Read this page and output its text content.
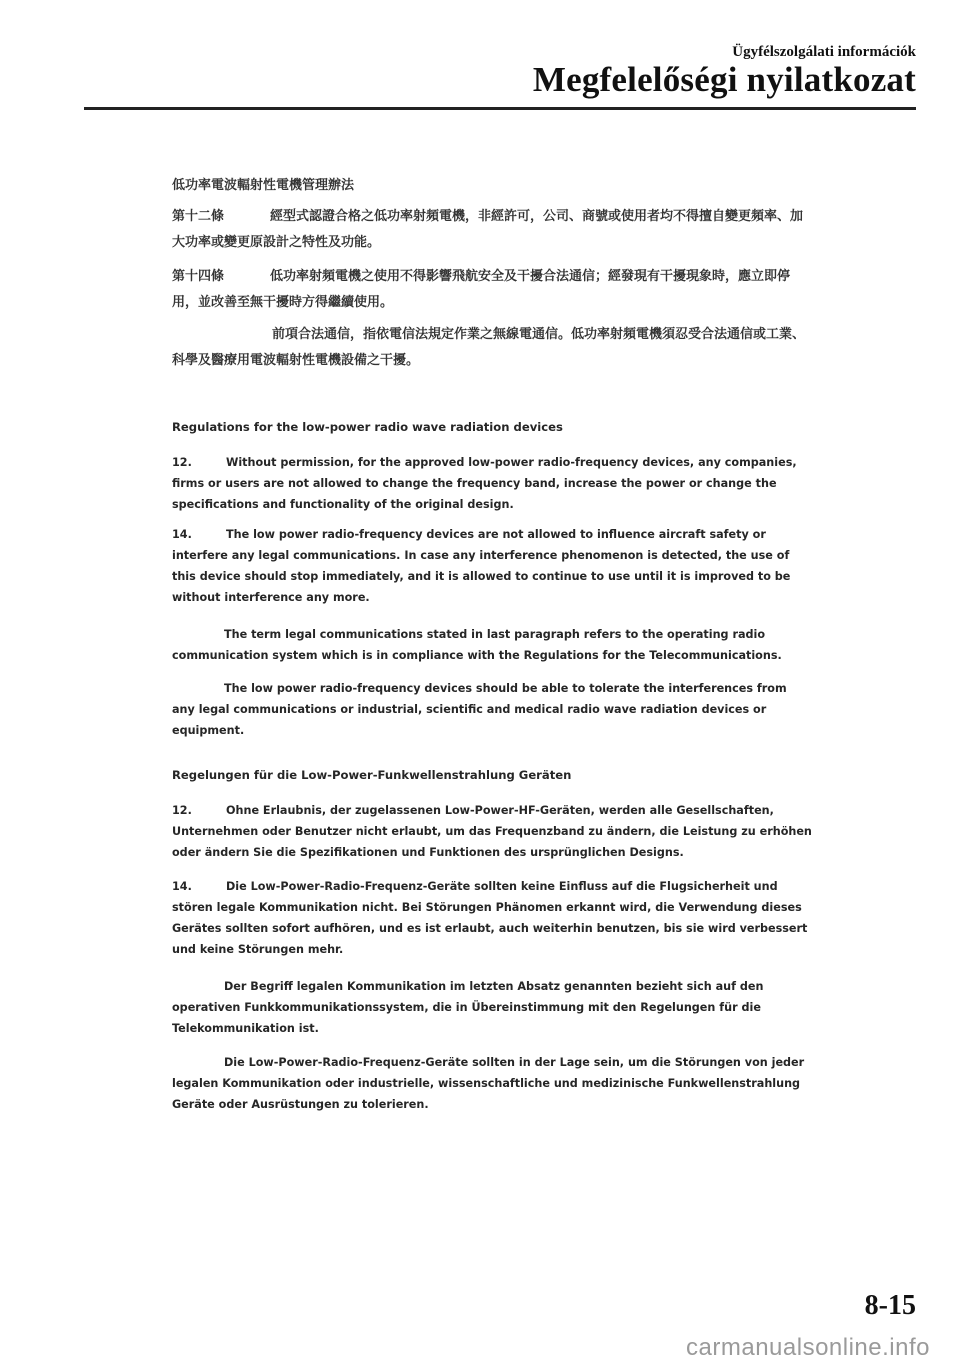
Ügyfélszolgálati információk
Megfelelőségi nyilatkozat

低功率電波輻射性電機管理辦法

第十二條	經型式認證合格之低功率射頻電機，非經許可，公司、商號或使用者均不得擅自變更頻率、加大功率或變更原設計之特性及功能。

第十四條	低功率射頻電機之使用不得影響飛航安全及干擾合法通信；經發現有干擾現象時，應立即停用，並改善至無干擾時方得繼續使用。

前項合法通信，指依電信法規定作業之無線電通信。低功率射頻電機須忍受合法通信或工業、科學及醫療用電波輻射性電機設備之干擾。

Regulations for the low-power radio wave radiation devices

12.	Without permission, for the approved low-power radio-frequency devices, any companies, firms or users are not allowed to change the frequency band, increase the power or change the specifications and functionality of the original design.

14.	The low power radio-frequency devices are not allowed to influence aircraft safety or interfere any legal communications. In case any interference phenomenon is detected, the use of this device should stop immediately, and it is allowed to continue to use until it is improved to be without interference any more.

The term legal communications stated in last paragraph refers to the operating radio communication system which is in compliance with the Regulations for the Telecommunications.

The low power radio-frequency devices should be able to tolerate the interferences from any legal communications or industrial, scientific and medical radio wave radiation devices or equipment.

Regelungen für die Low-Power-Funkwellenstrahlung Geräten

12.	Ohne Erlaubnis, der zugelassenen Low-Power-HF-Geräten, werden alle Gesellschaften, Unternehmen oder Benutzer nicht erlaubt, um das Frequenzband zu ändern, die Leistung zu erhöhen oder ändern Sie die Spezifikationen und Funktionen des ursprünglichen Designs.

14.	Die Low-Power-Radio-Frequenz-Geräte sollten keine Einfluss auf die Flugsicherheit und stören legale Kommunikation nicht. Bei Störungen Phänomen erkannt wird, die Verwendung dieses Gerätes sollten sofort aufhören, und es ist erlaubt, auch weiterhin benutzen, bis sie wird verbessert und keine Störungen mehr.

Der Begriff legalen Kommunikation im letzten Absatz genannten bezieht sich auf den operativen Funkkommunikationssystem, die in Übereinstimmung mit den Regelungen für die Telekommunikation ist.

Die Low-Power-Radio-Frequenz-Geräte sollten in der Lage sein, um die Störungen von jeder legalen Kommunikation oder industrielle, wissenschaftliche und medizinische Funkwellenstrahlung Geräte oder Ausrüstungen zu tolerieren.

8-15
carmanualsonline.info
